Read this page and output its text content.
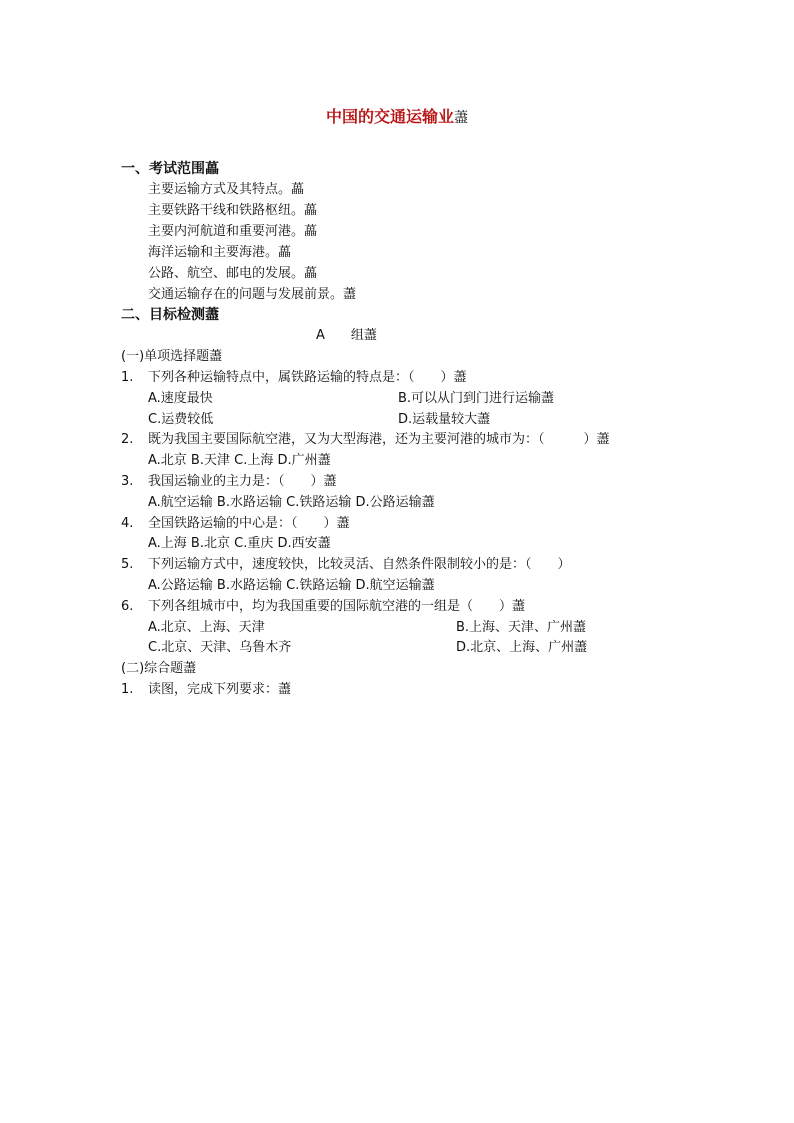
中国的交通运输业藎
一、考试范围藟
主要运输方式及其特点。藟
主要铁路干线和铁路枢纽。藟
主要内河航道和重要河港。藟
海洋运输和主要海港。藟
公路、航空、邮电的发展。藟
交通运输存在的问题与发展前景。藎
二、目标检测藎
A　　组藎
(一)单项选择题藎
1. 下列各种运输特点中，属铁路运输的特点是：（　　）藎
A.速度最快	B.可以从门到门进行运输藎
C.运费较低	D.运载量较大藎
2. 既为我国主要国际航空港，又为大型海港，还为主要河港的城市为：（　　　）藎
A.北京 B.天津 C.上海 D.广州藎
3. 我国运输业的主力是：（　　）藎
A.航空运输 B.水路运输 C.铁路运输 D.公路运输藎
4. 全国铁路运输的中心是：（　　）藎
A.上海 B.北京 C.重庆 D.西安藎
5. 下列运输方式中，速度较快，比较灵活、自然条件限制较小的是：（　　）
A.公路运输 B.水路运输 C.铁路运输 D.航空运输藎
6. 下列各组城市中，均为我国重要的国际航空港的一组是（　　）藎
A.北京、上海、天津	B.上海、天津、广州藎
C.北京、天津、乌鲁木齐	D.北京、上海、广州藎
(二)综合题藎
1. 读图，完成下列要求：藎
